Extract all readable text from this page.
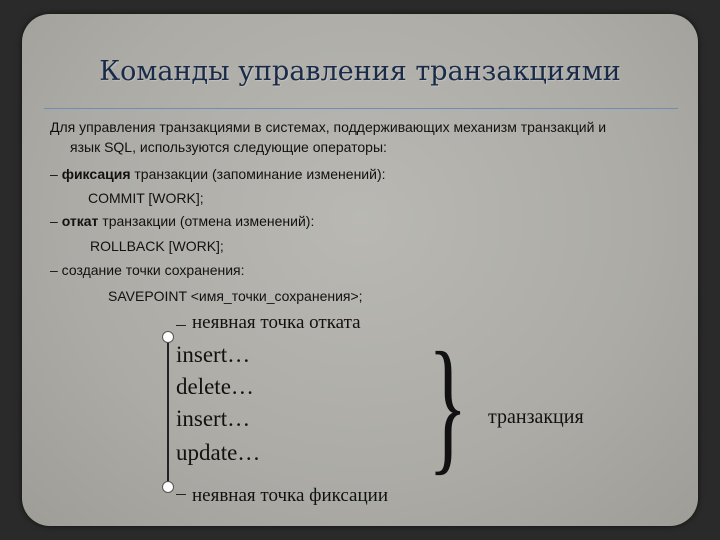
Команды управления транзакциями
Для управления транзакциями в системах, поддерживающих механизм транзакций и
язык SQL, используются следующие операторы:
– фиксация транзакции (запоминание изменений):
COMMIT [WORK];
– откат транзакции (отмена изменений):
ROLLBACK [WORK];
– создание точки сохранения:
SAVEPOINT <имя_точки_сохранения>;
неявная точка отката
insert…
delete…
insert…
update… } транзакция
неявная точка фиксации
